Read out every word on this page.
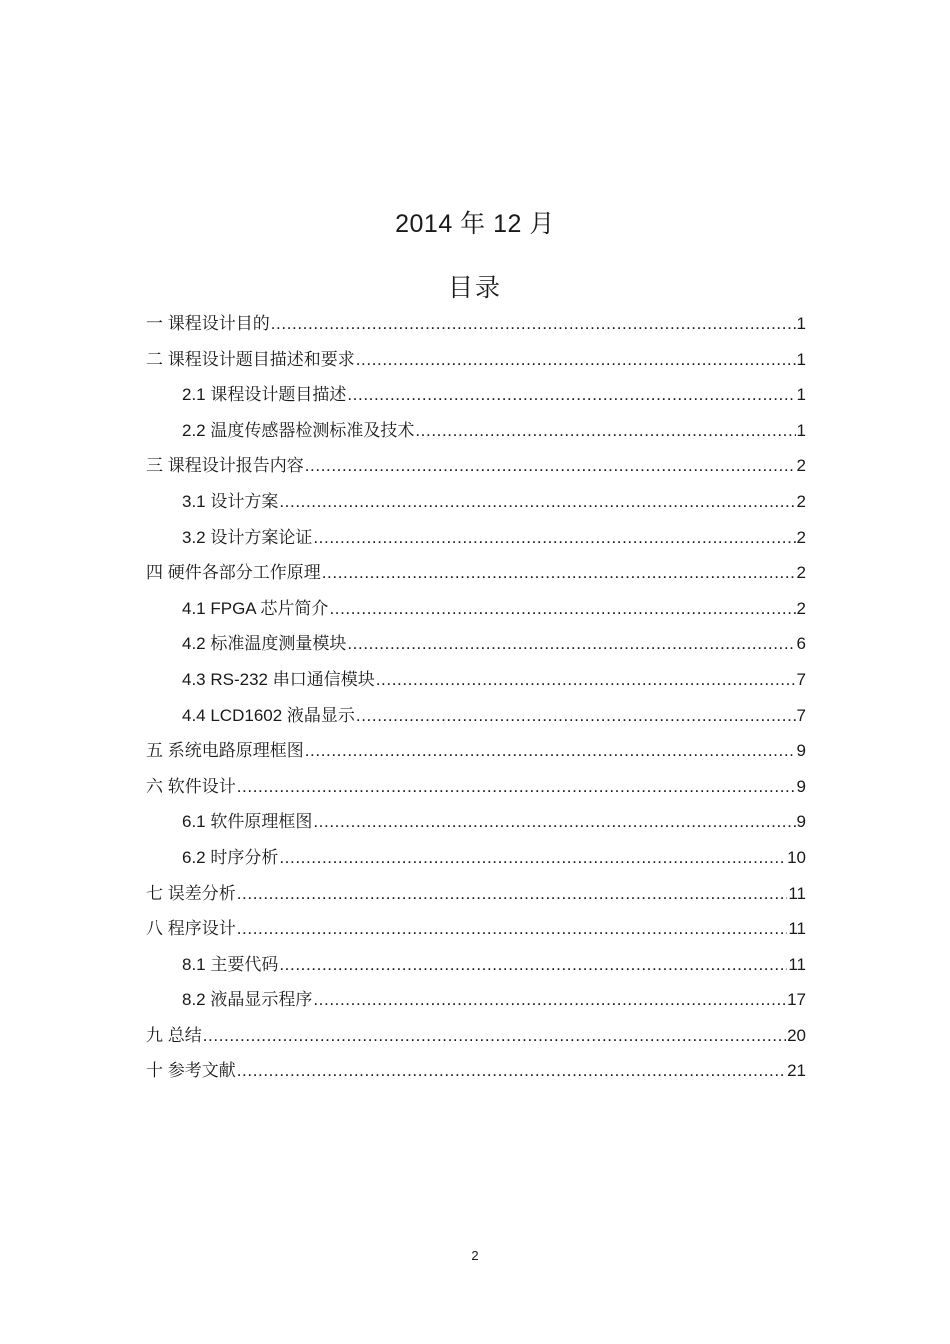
2014 年 12 月
目录
一 课程设计目的 .....	1
二 课程设计题目描述和要求 .....	1
2.1 课程设计题目描述 .....	1
2.2 温度传感器检测标准及技术 .....	1
三 课程设计报告内容 .....	2
3.1 设计方案 .....	2
3.2 设计方案论证 .....	2
四 硬件各部分工作原理 .....	2
4.1 FPGA 芯片简介 .....	2
4.2 标准温度测量模块 .....	6
4.3 RS-232 串口通信模块 .....	7
4.4 LCD1602 液晶显示 .....	7
五 系统电路原理框图 .....	9
六 软件设计 .....	9
6.1 软件原理框图 .....	9
6.2 时序分析 .....	10
七 误差分析 .....	11
八 程序设计 .....	11
8.1 主要代码 .....	11
8.2 液晶显示程序 .....	17
九 总结 .....	20
十 参考文献 .....	21
2
